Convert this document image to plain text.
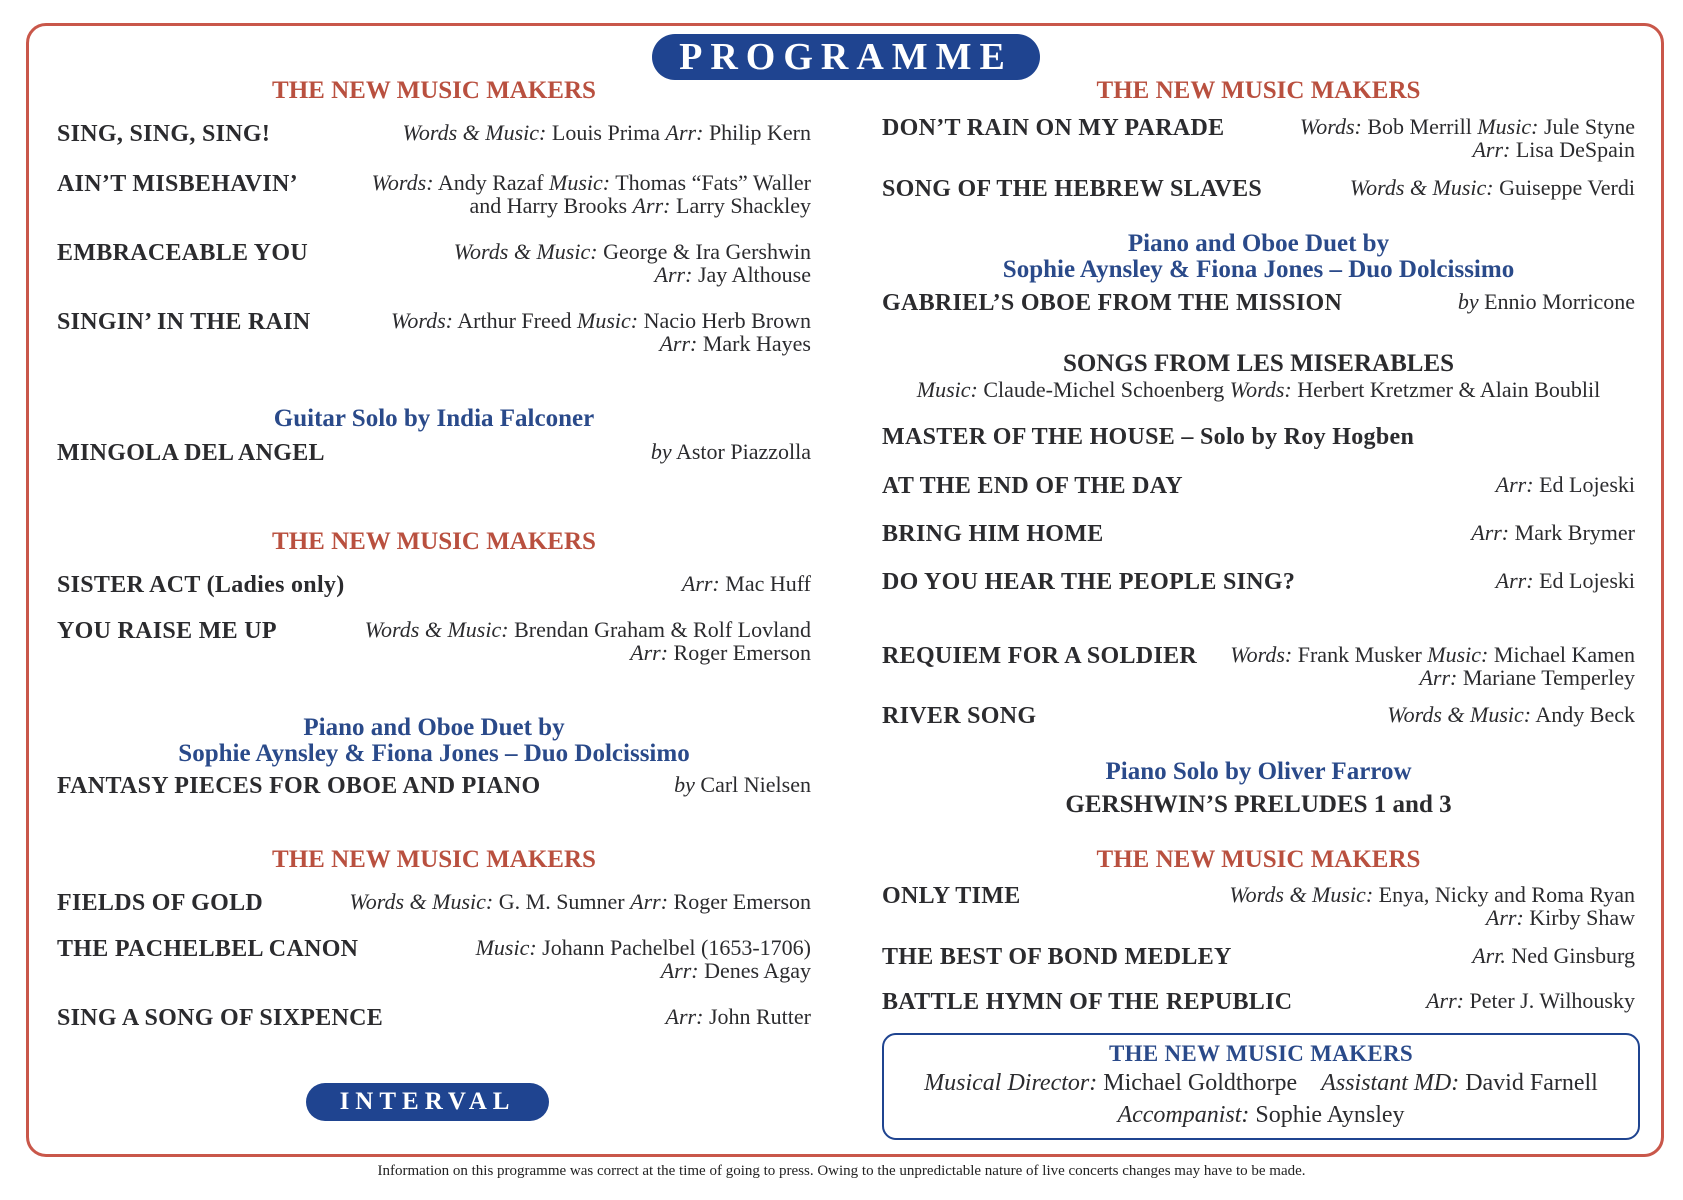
PROGRAMME
THE NEW MUSIC MAKERS
SING, SING, SING!	Words & Music: Louis Prima Arr: Philip Kern
AIN’T MISBEHAVIN’	Words: Andy Razaf Music: Thomas “Fats” Waller
and Harry Brooks Arr: Larry Shackley
EMBRACEABLE YOU	Words & Music: George & Ira Gershwin
Arr: Jay Althouse
SINGIN’ IN THE RAIN	Words: Arthur Freed Music: Nacio Herb Brown
Arr: Mark Hayes
Guitar Solo by India Falconer
MINGOLA DEL ANGEL	by Astor Piazzolla
THE NEW MUSIC MAKERS
SISTER ACT (Ladies only)	Arr: Mac Huff
YOU RAISE ME UP	Words & Music: Brendan Graham & Rolf Lovland
Arr: Roger Emerson
Piano and Oboe Duet by
Sophie Aynsley & Fiona Jones – Duo Dolcissimo
FANTASY PIECES FOR OBOE AND PIANO	by Carl Nielsen
THE NEW MUSIC MAKERS
FIELDS OF GOLD	Words & Music: G. M. Sumner Arr: Roger Emerson
THE PACHELBEL CANON	Music: Johann Pachelbel (1653-1706)
Arr: Denes Agay
SING A SONG OF SIXPENCE	Arr: John Rutter
INTERVAL
THE NEW MUSIC MAKERS
DON’T RAIN ON MY PARADE	Words: Bob Merrill Music: Jule Styne
Arr: Lisa DeSpain
SONG OF THE HEBREW SLAVES	Words & Music: Guiseppe Verdi
Piano and Oboe Duet by
Sophie Aynsley & Fiona Jones – Duo Dolcissimo
GABRIEL’S OBOE FROM THE MISSION	by Ennio Morricone
SONGS FROM LES MISERABLES
Music: Claude-Michel Schoenberg Words: Herbert Kretzmer & Alain Boublil
MASTER OF THE HOUSE – Solo by Roy Hogben
AT THE END OF THE DAY	Arr: Ed Lojeski
BRING HIM HOME	Arr: Mark Brymer
DO YOU HEAR THE PEOPLE SING?	Arr: Ed Lojeski
REQUIEM FOR A SOLDIER Words: Frank Musker Music: Michael Kamen
Arr: Mariane Temperley
RIVER SONG	Words & Music: Andy Beck
Piano Solo by Oliver Farrow
GERSHWIN’S PRELUDES 1 and 3
THE NEW MUSIC MAKERS
ONLY TIME	Words & Music: Enya, Nicky and Roma Ryan
Arr: Kirby Shaw
THE BEST OF BOND MEDLEY	Arr. Ned Ginsburg
BATTLE HYMN OF THE REPUBLIC	Arr: Peter J. Wilhousky
THE NEW MUSIC MAKERS
Musical Director: Michael Goldthorpe Assistant MD: David Farnell
Accompanist: Sophie Aynsley
Information on this programme was correct at the time of going to press. Owing to the unpredictable nature of live concerts changes may have to be made.
